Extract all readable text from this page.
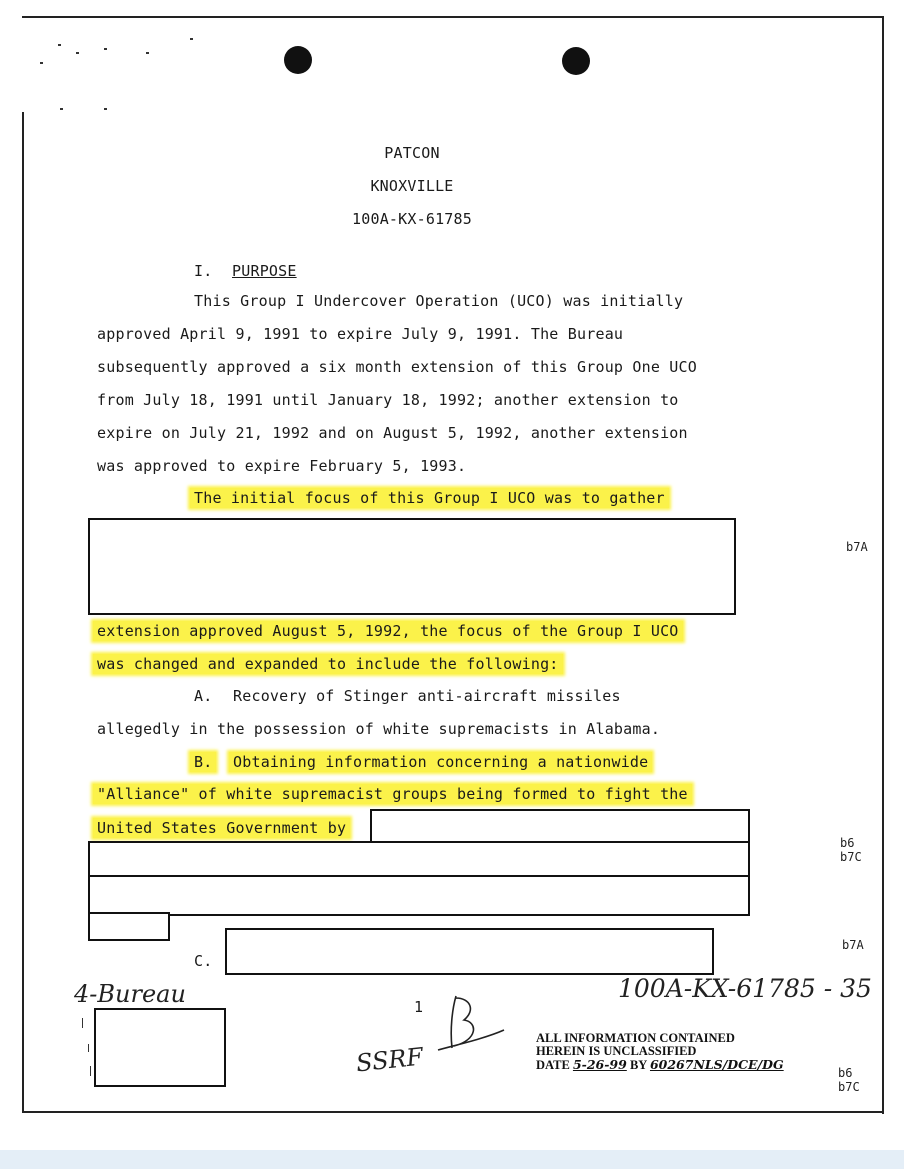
PATCON
KNOXVILLE
100A-KX-61785
I. PURPOSE
This Group I Undercover Operation (UCO) was initially
approved April 9, 1991 to expire July 9, 1991. The Bureau
subsequently approved a six month extension of this Group One UCO
from July 18, 1991 until January 18, 1992; another extension to
expire on July 21, 1992 and on August 5, 1992, another extension
was approved to expire February 5, 1993.
The initial focus of this Group I UCO was to gather
b7A
extension approved August 5, 1992, the focus of the Group I UCO
was changed and expanded to include the following:
A. Recovery of Stinger anti-aircraft missiles
allegedly in the possession of white supremacists in Alabama.
B. Obtaining information concerning a nationwide
"Alliance" of white supremacist groups being formed to fight the
United States Government by
b6
b7C
C.
b7A
4-Bureau	1
100A-KX-61785 - 35
SSRF
ALL INFORMATION CONTAINED
HEREIN IS UNCLASSIFIED
DATE 5-26-99 BY 60267NLS/DCE/DG
b6
b7C
